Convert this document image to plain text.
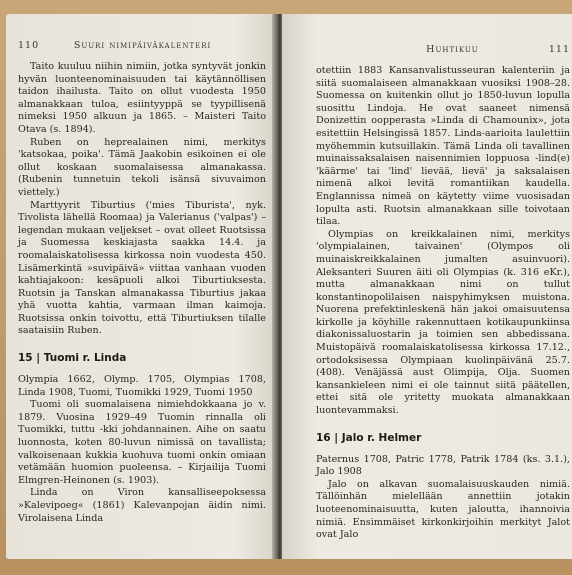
110	Suuri nimipäiväkalenteri

Taito kuuluu niihin nimiin, jotka syntyvät jonkin hyvän luonteenominaisuuden tai käytännöllisen taidon ihailusta. Taito on ollut vuodesta 1950 almanakkaan tuloa, esiintyyppä se tyypillisenä nimeksi 1950 alkuun ja 1865. – Maisteri Taito Otava (s. 1894).

Ruben on heprealainen nimi, merkitys 'katsokaa, poika'. Tämä Jaakobin esikoinen ei ole ollut koskaan suomalaisessa almanakassa. (Rubenin tunnetuin tekoli isänsä sivuvaimon viettely.)

Marttyyrit Tiburtius ('mies Tiburista', nyk. Tivolista lähellä Roomaa) ja Valerianus ('valpas') – legendan mukaan veljekset – ovat olleet Ruotsissa ja Suomessa keskiajasta saakka 14.4. ja roomalaiskatolisessa kirkossa noin vuodesta 450. Lisämerkintä »suvipäivä» viittaa vanhaan vuoden kahtiajakoon: kesäpuoli alkoi Tiburtiuksesta. Ruotsin ja Tanskan almanakassa Tiburtius jakaa yhä vuotta kahtia, varmaan ilman kaimoja. Ruotsissa onkin toivottu, että Tiburtiuksen tilalle saataisiin Ruben.

15 | Tuomi r. Linda

Olympia 1662, Olymp. 1705, Olympias 1708, Linda 1908, Tuomi, Tuomikki 1929, Tuomi 1950

Tuomi oli suomalaisena nimiehdokkaana jo v. 1879. Vuosina 1929–49 Tuomin rinnalla oli Tuomikki, tuttu -kki johdannainen. Aihe on saatu luonnosta, koten 80-luvun nimissä on tavallista; valkoisenaan kukkia kuohuva tuomi onkin omiaan vetämään huomion puoleensa. – Kirjailija Tuomi Elmgren-Heinonen (s. 1903).

Linda on Viron kansalliseepoksessa »Kalevipoeg« (1861) Kalevanpojan äidin nimi. Virolaisena Linda

Huhtikuu	111

otettiin 1883 Kansanvalistusseuran kalenteriin ja siitä suomalaiseen almanakkaan vuosiksi 1908–28. Suomessa on kuitenkin ollut jo 1850-luvun lopulla suosittu Lindoja. He ovat saaneet nimensä Donizettin oopperasta »Linda di Chamounix», jota esitettiin Helsingissä 1857. Linda-aarioita laulettiin myöhemmin kutsuillakin. Tämä Linda oli tavallinen muinaissaksalaisen naisennimien loppuosa -lind(e) 'käärme' tai 'lind' lievää, lievä' ja saksalaisen nimenä alkoi levitä romantiikan kaudella. Englannissa nimeä on käytetty viime vuosisadan lopulta asti. Ruotsin almanakkaan sille toivotaan tilaa.

Olympias on kreikkalainen nimi, merkitys 'olympialainen, taivainen' (Olympos oli muinaiskreikkalainen jumalten asuinvuori). Aleksanteri Suuren äiti oli Olympias (k. 316 eKr.), mutta almanakkaan nimi on tullut konstantinopolilaisen naispyhimyksen muistona. Nuorena prefektinleskenä hän jakoi omaisuutensa kirkolle ja köyhille rakennuttaen kotikaupunkiinsa diakonissaluostarin ja toimien sen abbedissana. Muistopäivä roomalaiskatolisessa kirkossa 17.12., ortodoksisessa Olympiaan kuolinpäivänä 25.7. (408). Venäjässä aust Olimpija, Olja. Suomen kansankieleen nimi ei ole tainnut siitä päätellen, ettei sitä ole yritetty muokata almanakkaan luontevammaksi.

16 | Jalo r. Helmer

Paternus 1708, Patric 1778, Patrik 1784 (ks. 3.1.), Jalo 1908

Jalo on alkavan suomalaisuuskauden nimiä. Tällöinhän mielellään annettiin jotakin luoteenominaisuutta, kuten jaloutta, ihannoivia nimiä. Ensimmäiset kirkonkirjoihin merkityt Jalot ovat Jalo
